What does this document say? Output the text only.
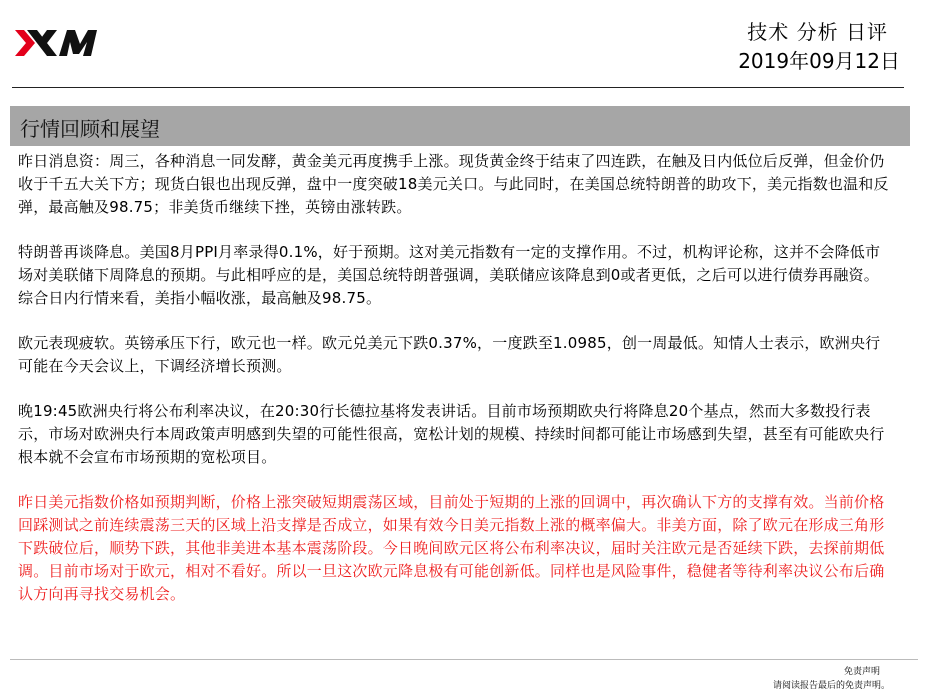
技术 分析 日评
2019年09月12日
行情回顾和展望

昨日消息资：周三，各种消息一同发酵，黄金美元再度携手上涨。现货黄金终于结束了四连跌，在触及日内低位后反弹，但金价仍收于千五大关下方；现货白银也出现反弹，盘中一度突破18美元关口。与此同时，在美国总统特朗普的助攻下，美元指数也温和反弹，最高触及98.75；非美货币继续下挫，英镑由涨转跌。

特朗普再谈降息。美国8月PPI月率录得0.1%，好于预期。这对美元指数有一定的支撑作用。不过，机构评论称，这并不会降低市场对美联储下周降息的预期。与此相呼应的是，美国总统特朗普强调，美联储应该降息到0或者更低，之后可以进行债券再融资。综合日内行情来看，美指小幅收涨，最高触及98.75。

欧元表现疲软。英镑承压下行，欧元也一样。欧元兑美元下跌0.37%，一度跌至1.0985，创一周最低。知情人士表示，欧洲央行可能在今天会议上，下调经济增长预测。

晚19:45欧洲央行将公布利率决议，在20:30行长德拉基将发表讲话。目前市场预期欧央行将降息20个基点，然而大多数投行表示，市场对欧洲央行本周政策声明感到失望的可能性很高，宽松计划的规模、持续时间都可能让市场感到失望，甚至有可能欧央行根本就不会宣布市场预期的宽松项目。

昨日美元指数价格如预期判断，价格上涨突破短期震荡区域，目前处于短期的上涨的回调中，再次确认下方的支撑有效。当前价格回踩测试之前连续震荡三天的区域上沿支撑是否成立，如果有效今日美元指数上涨的概率偏大。非美方面，除了欧元在形成三角形下跌破位后，顺势下跌，其他非美进本基本震荡阶段。今日晚间欧元区将公布利率决议，届时关注欧元是否延续下跌，去探前期低调。目前市场对于欧元，相对不看好。所以一旦这次欧元降息极有可能创新低。同样也是风险事件，稳健者等待利率决议公布后确认方向再寻找交易机会。

免责声明
请阅读报告最后的免责声明。
